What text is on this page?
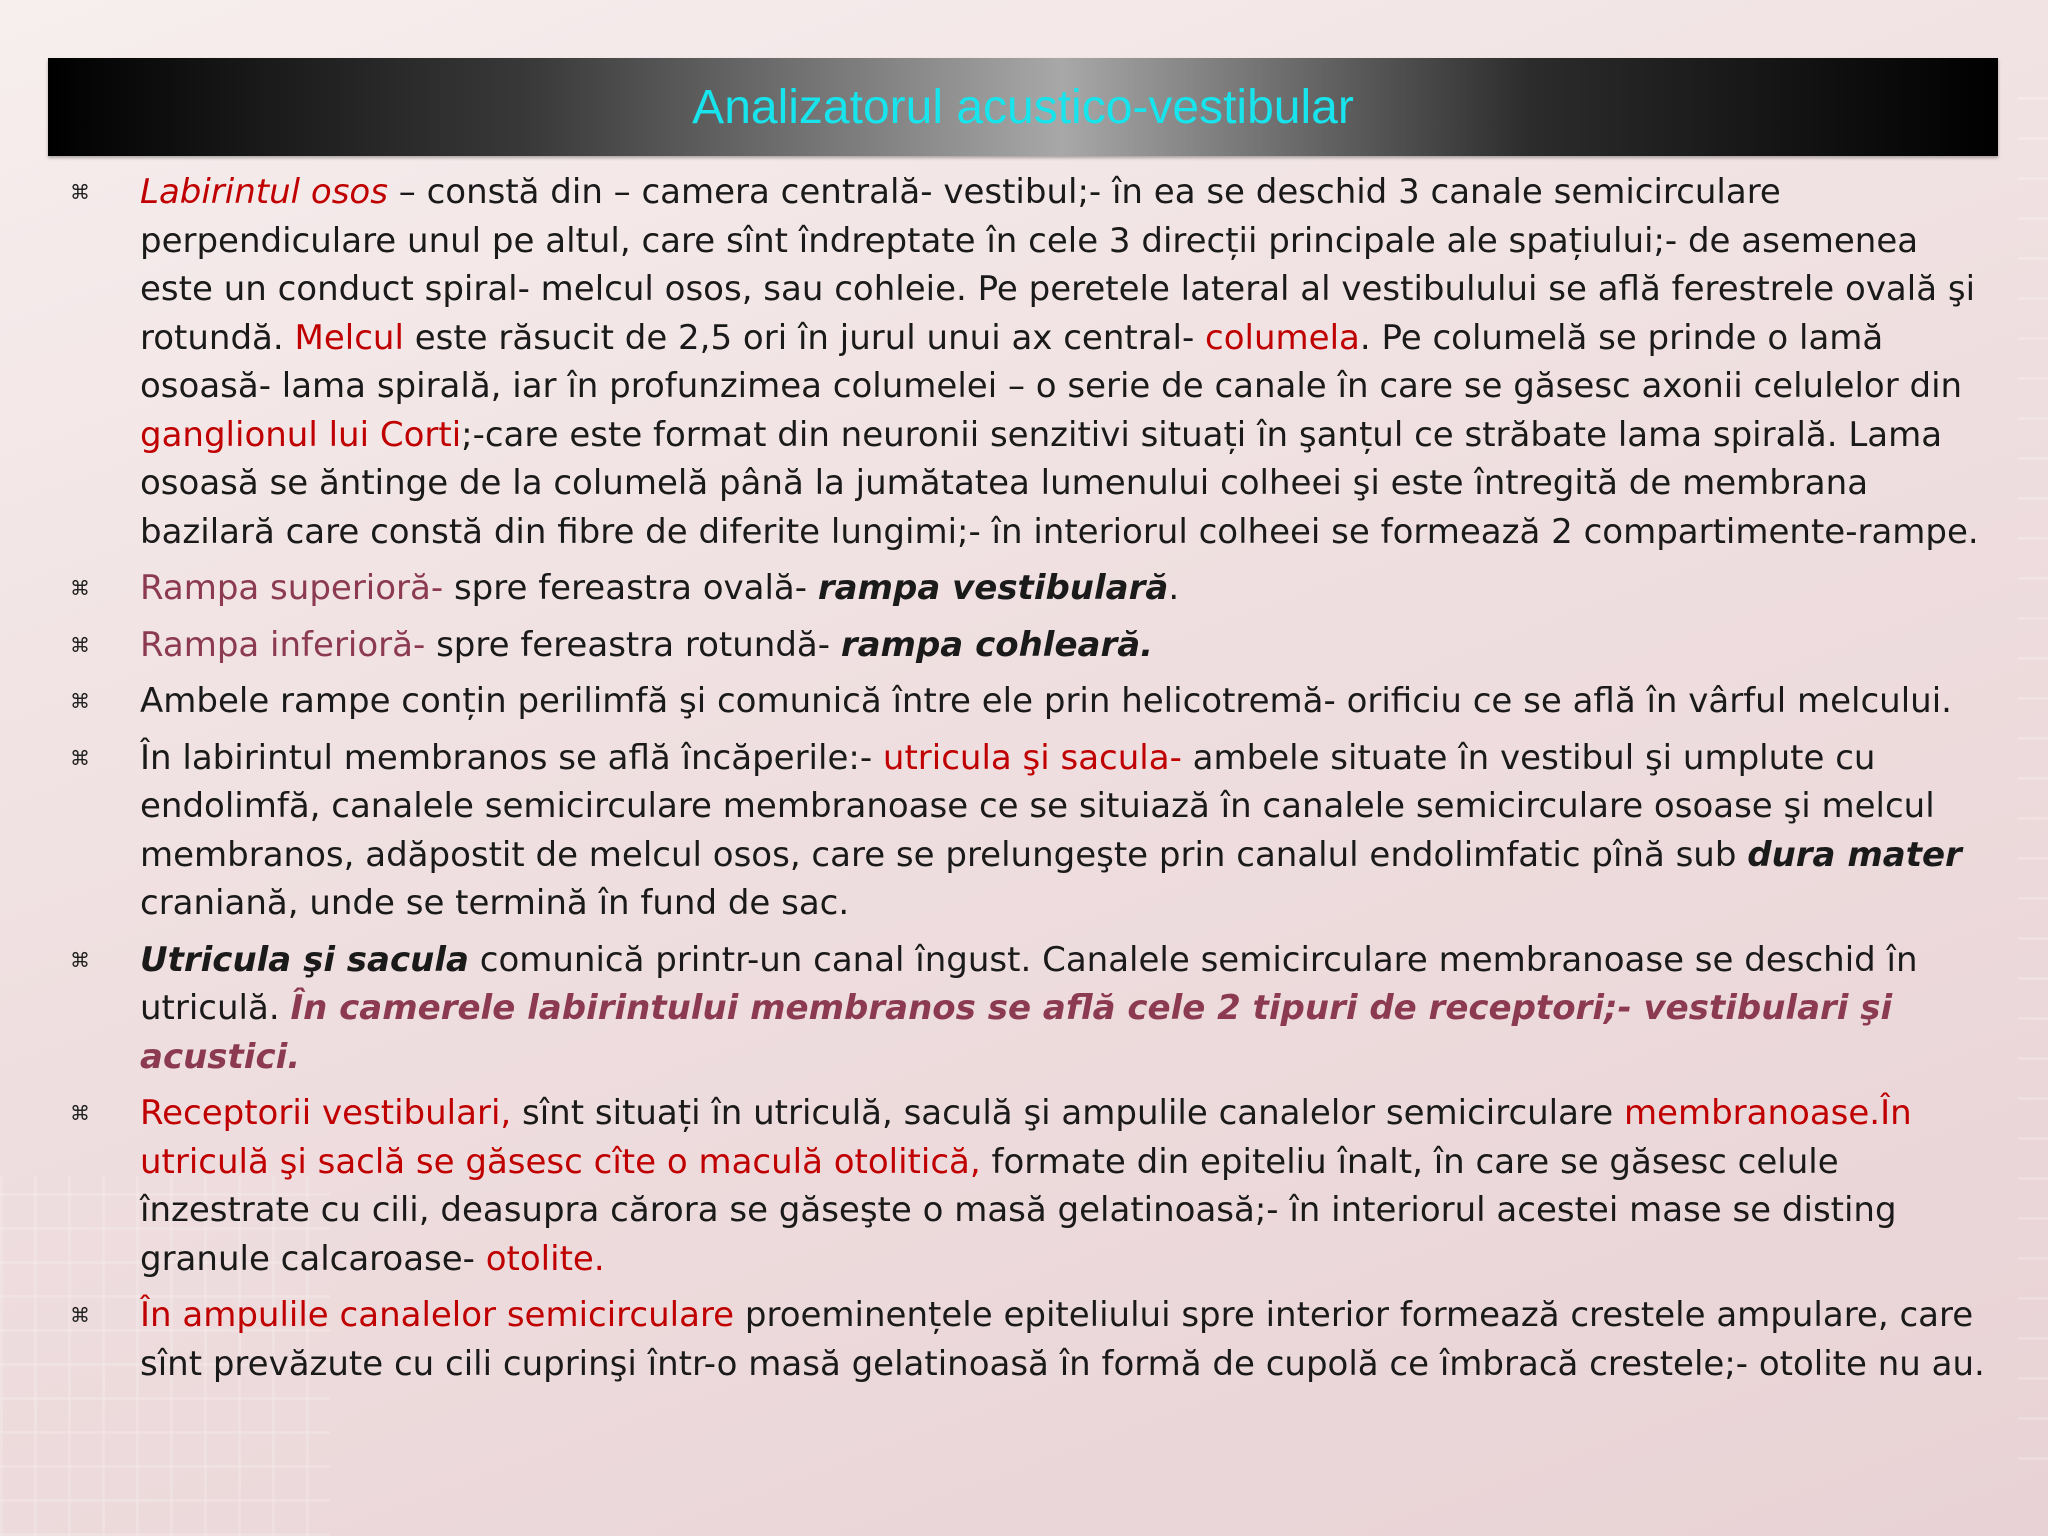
Analizatorul acustico-vestibular
⌘	Labirintul osos – constă din – camera centrală- vestibul;- în ea se deschid 3 canale semicirculare perpendiculare unul pe altul, care sînt îndreptate în cele 3 direcții principale ale spațiului;- de asemenea este un conduct spiral- melcul osos, sau cohleie. Pe peretele lateral al vestibulului se află ferestrele ovală şi rotundă. Melcul este răsucit de 2,5 ori în jurul unui ax central- columela. Pe columelă se prinde o lamă osoasă- lama spirală, iar în profunzimea columelei – o serie de canale în care se găsesc axonii celulelor din ganglionul lui Corti;-care este format din neuronii senzitivi situați în şanțul ce străbate lama spirală. Lama osoasă se ăntinge de la columelă până la jumătatea lumenului colheei şi este întregită de membrana bazilară care constă din fibre de diferite lungimi;- în interiorul colheei se formează 2 compartimente-rampe.
⌘	Rampa superioră- spre fereastra ovală- rampa vestibulară.
⌘	Rampa inferioră- spre fereastra rotundă- rampa cohleară.
⌘	Ambele rampe conțin perilimfă şi comunică între ele prin helicotremă- orificiu ce se află în vârful melcului.
⌘	În labirintul membranos se află încăperile:- utricula şi sacula- ambele situate în vestibul şi umplute cu endolimfă, canalele semicirculare membranoase ce se situiază în canalele semicirculare osoase şi melcul membranos, adăpostit de melcul osos, care se prelungeşte prin canalul endolimfatic pînă sub dura mater craniană, unde se termină în fund de sac.
⌘	Utricula şi sacula comunică printr-un canal îngust. Canalele semicirculare membranoase se deschid în utriculă. În camerele labirintului membranos se află cele 2 tipuri de receptori;- vestibulari şi acustici.
⌘	Receptorii vestibulari, sînt situați în utriculă, saculă şi ampulile canalelor semicirculare membranoase.În utriculă şi saclă se găsesc cîte o maculă otolitică, formate din epiteliu înalt, în care se găsesc celule înzestrate cu cili, deasupra cărora se găseşte o masă gelatinoasă;- în interiorul acestei mase se disting granule calcaroase- otolite.
⌘	În ampulile canalelor semicirculare proeminențele epiteliului spre interior formează crestele ampulare, care sînt prevăzute cu cili cuprinşi într-o masă gelatinoasă în formă de cupolă ce îmbracă crestele;- otolite nu au.
